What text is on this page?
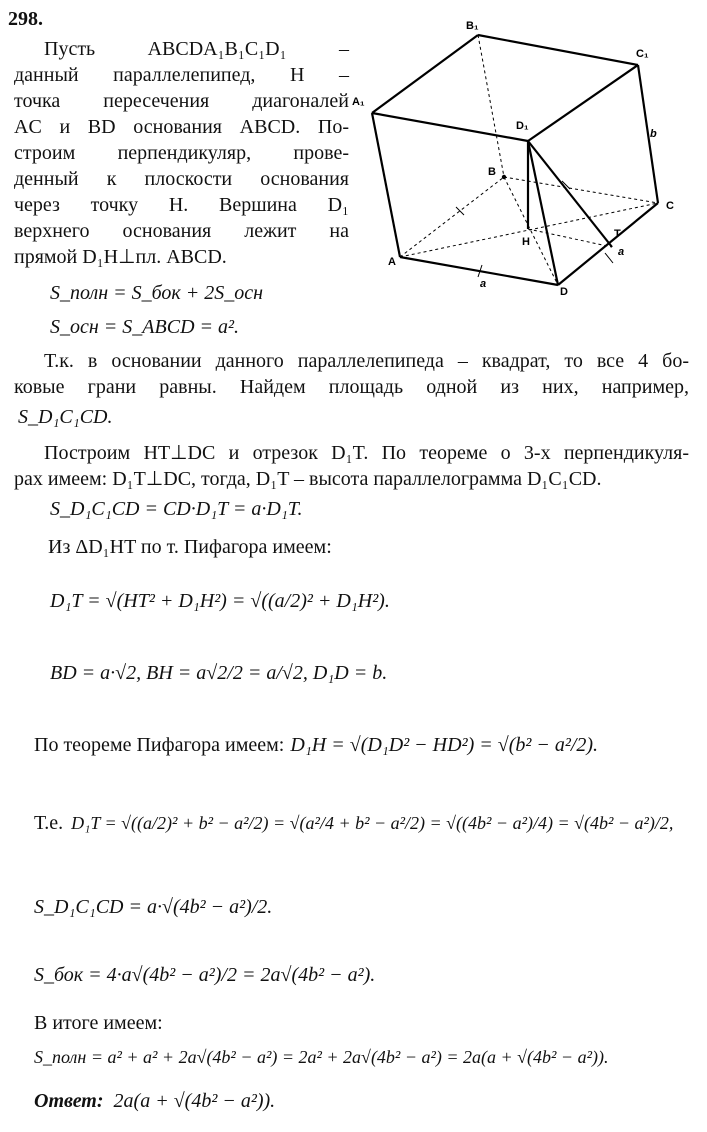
298.
Пусть ABCDA₁B₁C₁D₁ –
данный параллелепипед, H –
точка пересечения диагоналей
AC и BD основания ABCD. По-
строим перпендикуляр, прове-
денный к плоскости основания
через точку H. Вершина D₁
верхнего основания лежит на
прямой D₁H⊥пл. ABCD.
S_полн = S_бок + 2S_осн
S_осн = S_ABCD = a².
A₁
B₁
C₁
D₁
B
C
A
D
H
T
a
a
b
Т.к. в основании данного параллелепипеда – квадрат, то все 4 бо-
ковые грани равны. Найдем площадь одной из них, например,
S_D₁C₁CD.
Построим HT⊥DC и отрезок D₁T. По теореме о 3-х перпендикуля-
рах имеем: D₁T⊥DC, тогда, D₁T – высота параллелограмма D₁C₁CD.
S_D₁C₁CD = CD·D₁T = a·D₁T.
Из ΔD₁HT по т. Пифагора имеем:
D₁T = √(HT² + D₁H²) = √((a/2)² + D₁H²).
BD = a·√2, BH = a√2/2 = a/√2, D₁D = b.
По теореме Пифагора имеем: D₁H = √(D₁D² − HD²) = √(b² − a²/2).
Т.е. D₁T = √((a/2)² + b² − a²/2) = √(a²/4 + b² − a²/2) = √((4b² − a²)/4) = √(4b² − a²)/2,
S_D₁C₁CD = a·√(4b² − a²)/2.
S_бок = 4·a√(4b² − a²)/2 = 2a√(4b² − a²).
В итоге имеем:
S_полн = a² + a² + 2a√(4b² − a²) = 2a² + 2a√(4b² − a²) = 2a(a + √(4b² − a²)).
Ответ: 2a(a + √(4b² − a²)).
